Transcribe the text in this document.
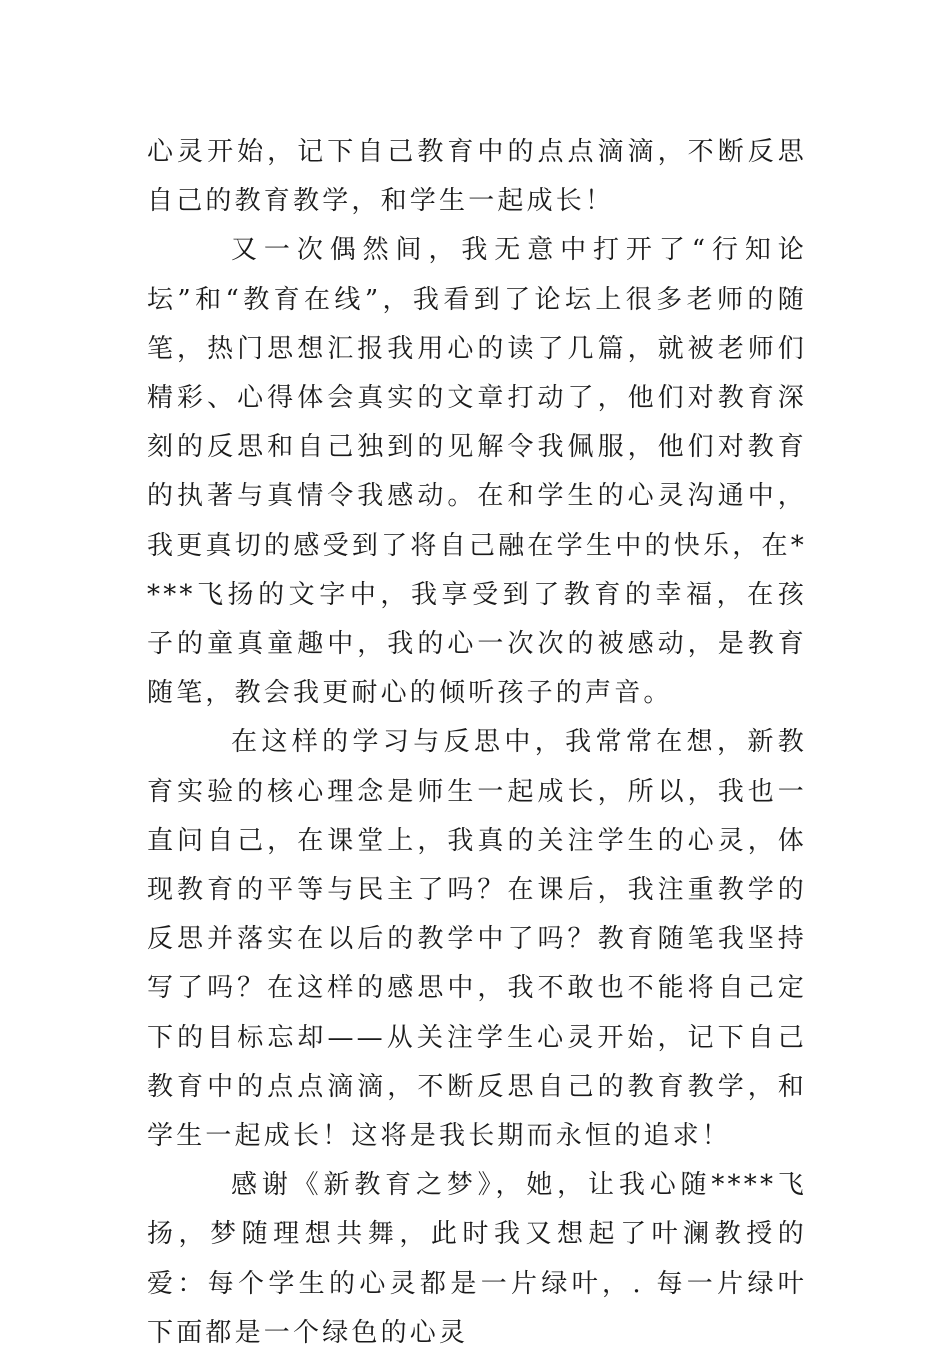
心灵开始，记下自己教育中的点点滴滴，不断反思自己的教育教学，和学生一起成长！

又一次偶然间，我无意中打开了“行知论坛”和“教育在线”，我看到了论坛上很多老师的随笔，热门思想汇报我用心的读了几篇，就被老师们精彩、心得体会真实的文章打动了，他们对教育深刻的反思和自己独到的见解令我佩服，他们对教育的执著与真情令我感动。在和学生的心灵沟通中，我更真切的感受到了将自己融在学生中的快乐，在****飞扬的文字中，我享受到了教育的幸福，在孩子的童真童趣中，我的心一次次的被感动，是教育随笔，教会我更耐心的倾听孩子的声音。

在这样的学习与反思中，我常常在想，新教育实验的核心理念是师生一起成长，所以，我也一直问自己，在课堂上，我真的关注学生的心灵，体现教育的平等与民主了吗？在课后，我注重教学的反思并落实在以后的教学中了吗？教育随笔我坚持写了吗？在这样的感思中，我不敢也不能将自己定下的目标忘却——从关注学生心灵开始，记下自己教育中的点点滴滴，不断反思自己的教育教学，和学生一起成长！这将是我长期而永恒的追求！

感谢《新教育之梦》，她，让我心随****飞扬，梦随理想共舞，此时我又想起了叶澜教授的爱：每个学生的心灵都是一片绿叶，. 每一片绿叶下面都是一个绿色的心灵
